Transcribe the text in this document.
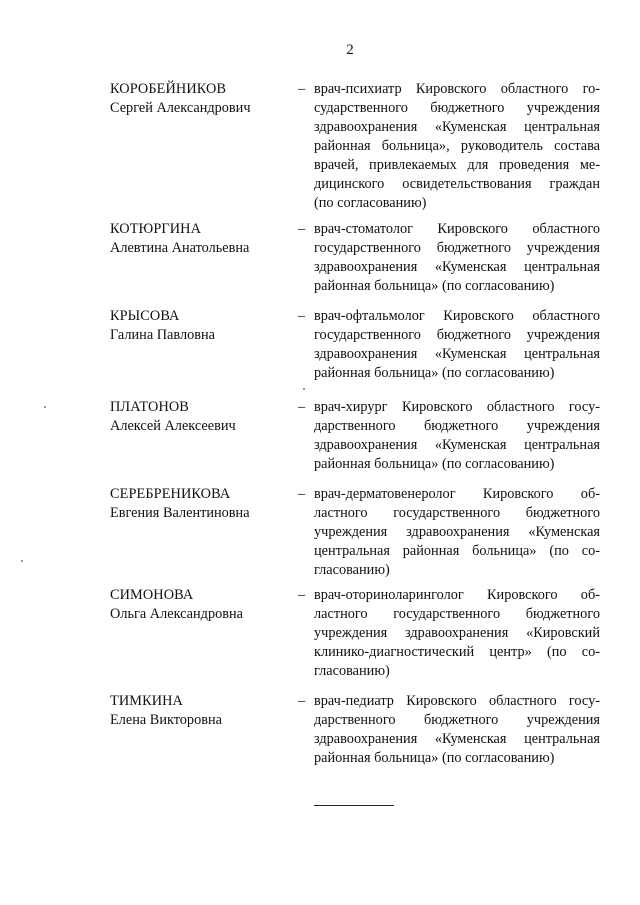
2
КОРОБЕЙНИКОВ
Сергей Александрович
– врач-психиатр Кировского областного го-
сударственного бюджетного учреждения
здравоохранения «Куменская центральная
районная больница», руководитель состава
врачей, привлекаемых для проведения ме-
дицинского освидетельствования граждан
(по согласованию)
КОТЮРГИНА
Алевтина Анатольевна
– врач-стоматолог Кировского областного
государственного бюджетного учреждения
здравоохранения «Куменская центральная
районная больница» (по согласованию)
КРЫСОВА
Галина Павловна
– врач-офтальмолог Кировского областного
государственного бюджетного учреждения
здравоохранения «Куменская центральная
районная больница» (по согласованию)
ПЛАТОНОВ
Алексей Алексеевич
– врач-хирург Кировского областного госу-
дарственного бюджетного учреждения
здравоохранения «Куменская центральная
районная больница» (по согласованию)
СЕРЕБРЕНИКОВА
Евгения Валентиновна
– врач-дерматовенеролог Кировского об-
ластного государственного бюджетного
учреждения здравоохранения «Куменская
центральная районная больница» (по со-
гласованию)
СИМОНОВА
Ольга Александровна
– врач-оториноларинголог Кировского об-
ластного государственного бюджетного
учреждения здравоохранения «Кировский
клинико-диагностический центр» (по со-
гласованию)
ТИМКИНА
Елена Викторовна
– врач-педиатр Кировского областного госу-
дарственного бюджетного учреждения
здравоохранения «Куменская центральная
районная больница» (по согласованию)
